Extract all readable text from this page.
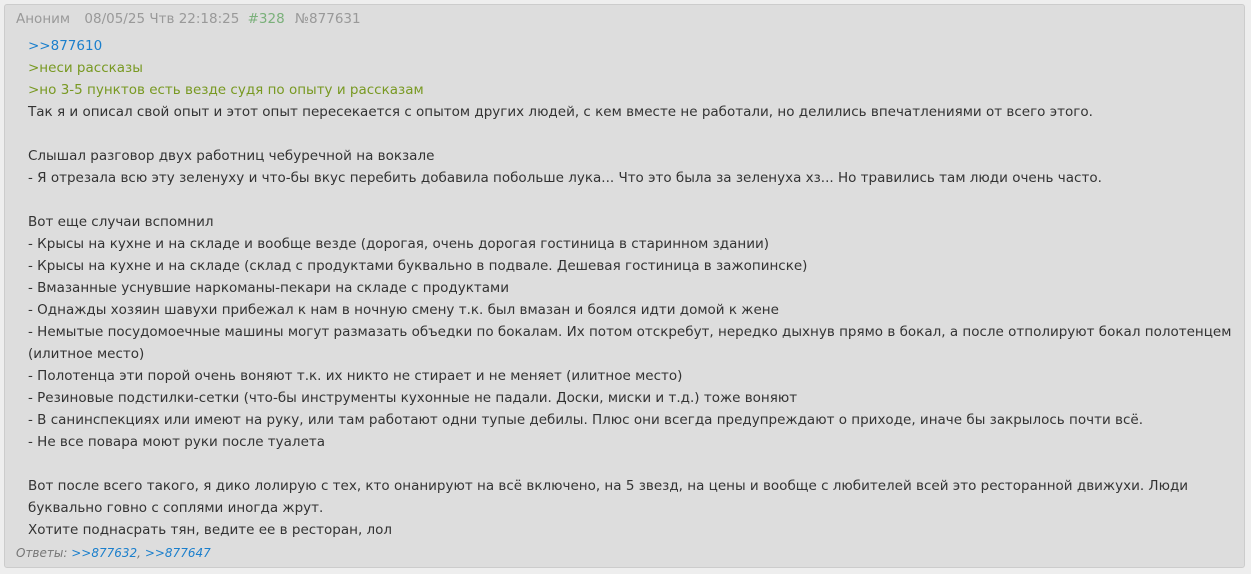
Аноним 08/05/25 Чтв 22:18:25 #328 №877631
>>877610
>неси рассказы
>но 3-5 пунктов есть везде судя по опыту и рассказам
Так я и описал свой опыт и этот опыт пересекается с опытом других людей, с кем вместе не работали, но делились впечатлениями от всего этого.
Слышал разговор двух работниц чебуречной на вокзале
- Я отрезала всю эту зеленуху и что-бы вкус перебить добавила побольше лука... Что это была за зеленуха хз... Но травились там люди очень часто.
Вот еще случаи вспомнил
- Крысы на кухне и на складе и вообще везде (дорогая, очень дорогая гостиница в старинном здании)
- Крысы на кухне и на складе (склад с продуктами буквально в подвале. Дешевая гостиница в зажопинске)
- Вмазанные уснувшие наркоманы-пекари на складе с продуктами
- Однажды хозяин шавухи прибежал к нам в ночную смену т.к. был вмазан и боялся идти домой к жене
- Немытые посудомоечные машины могут размазать объедки по бокалам. Их потом отскребут, нередко дыхнув прямо в бокал, а после отполируют бокал полотенцем (илитное место)
- Полотенца эти порой очень воняют т.к. их никто не стирает и не меняет (илитное место)
- Резиновые подстилки-сетки (что-бы инструменты кухонные не падали. Доски, миски и т.д.) тоже воняют
- В санинспекциях или имеют на руку, или там работают одни тупые дебилы. Плюс они всегда предупреждают о приходе, иначе бы закрылось почти всё.
- Не все повара моют руки после туалета
Вот после всего такого, я дико лолирую с тех, кто онанируют на всё включено, на 5 звезд, на цены и вообще с любителей всей это ресторанной движухи. Люди буквально говно с соплями иногда жрут.
Хотите поднасрать тян, ведите ее в ресторан, лол
Ответы: >>877632, >>877647
